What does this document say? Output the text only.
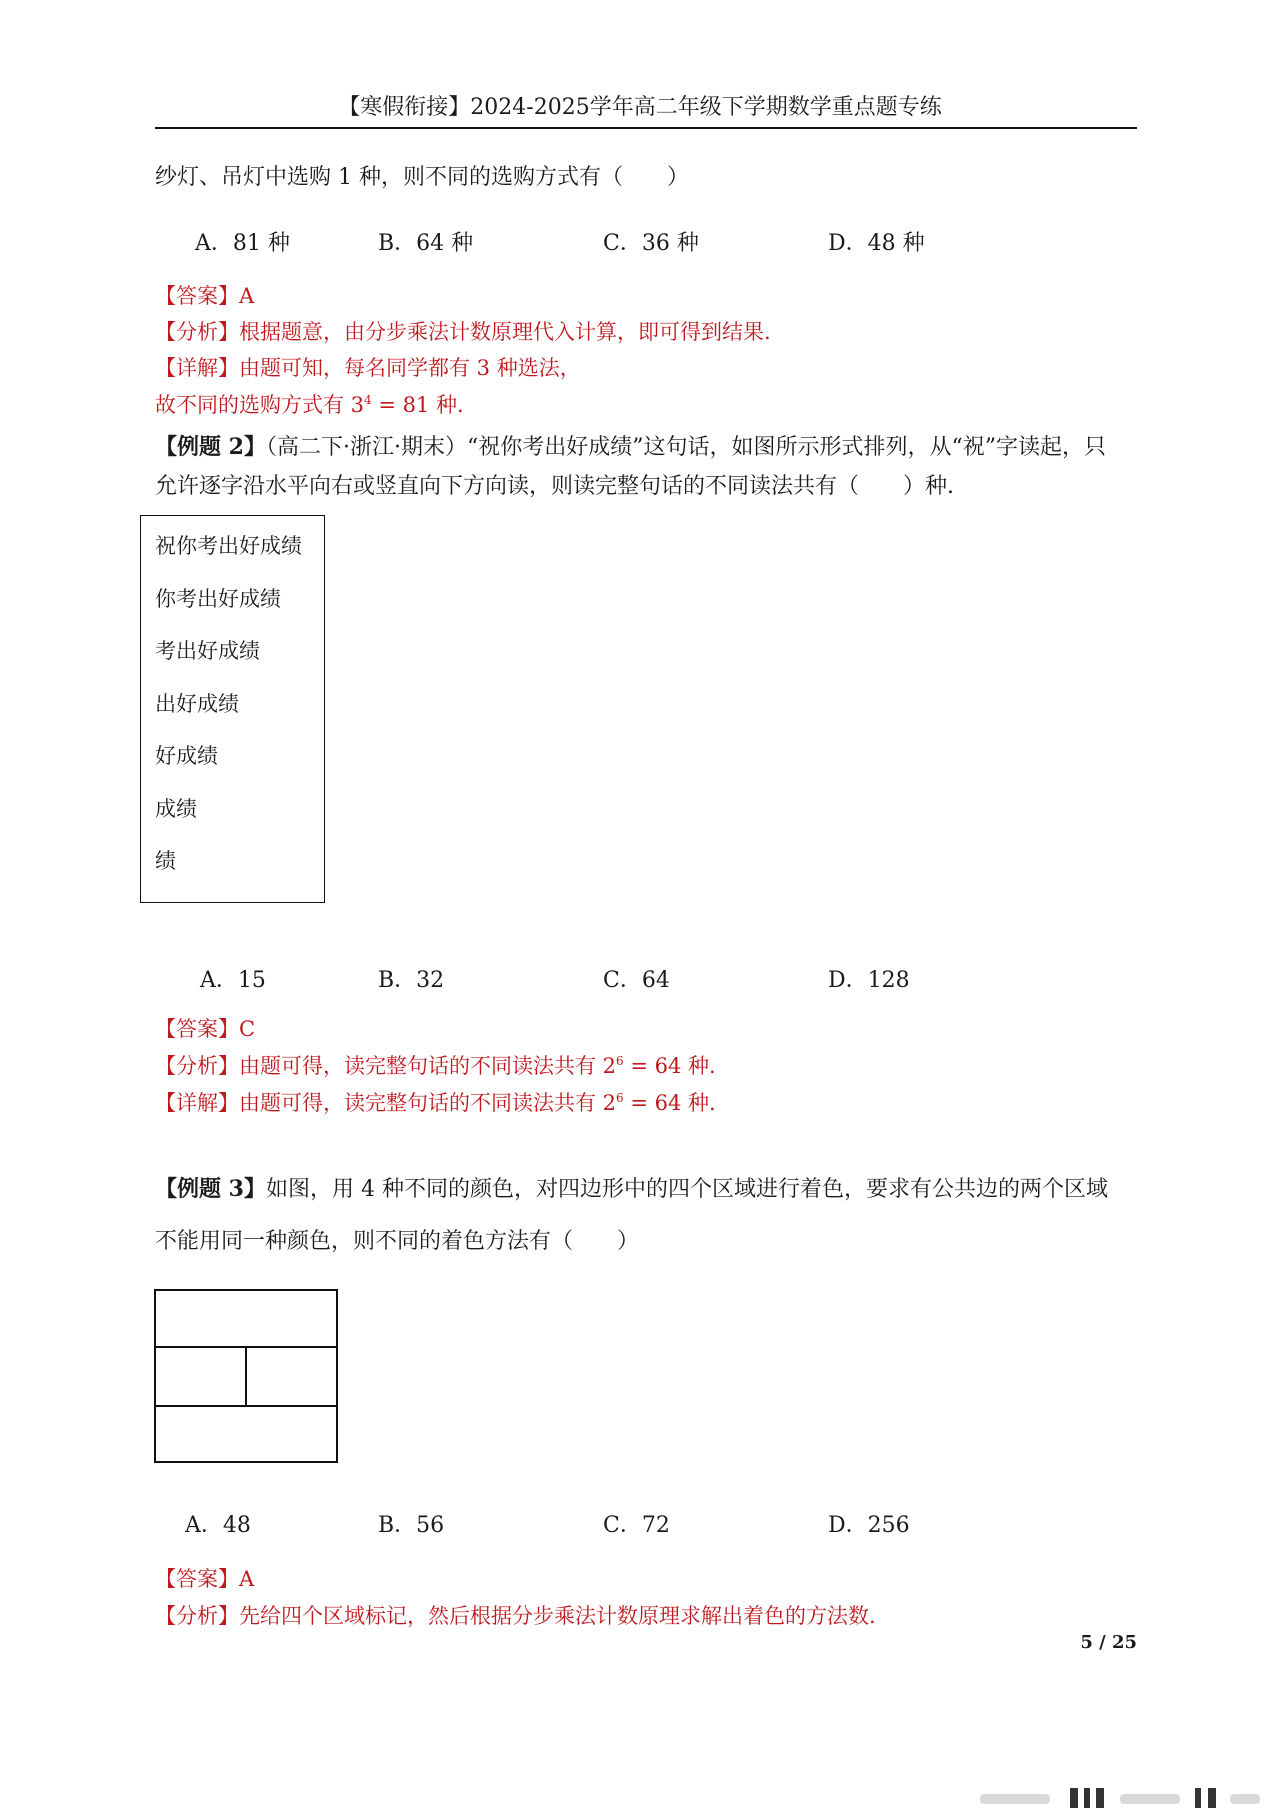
【寒假衔接】2024-2025学年高二年级下学期数学重点题专练
纱灯、吊灯中选购 1 种，则不同的选购方式有（　　）
A．81 种	B．64 种	C．36 种	D．48 种
【答案】A
【分析】根据题意，由分步乘法计数原理代入计算，即可得到结果.
【详解】由题可知，每名同学都有 3 种选法，
故不同的选购方式有 $3^4 = 81$ 种.
【例题 2】（高二下·浙江·期末）“祝你考出好成绩”这句话，如图所示形式排列，从“祝”字读起，只
允许逐字沿水平向右或竖直向下方向读，则读完整句话的不同读法共有（　　）种.
祝你考出好成绩
你考出好成绩
考出好成绩
出好成绩
好成绩
成绩
绩
A．15	B．32	C．64	D．128
【答案】C
【分析】由题可得，读完整句话的不同读法共有 $2^6 = 64$ 种.
【详解】由题可得，读完整句话的不同读法共有 $2^6 = 64$ 种.
【例题 3】如图，用 4 种不同的颜色，对四边形中的四个区域进行着色，要求有公共边的两个区域
不能用同一种颜色，则不同的着色方法有（　　）
A．48	B．56	C．72	D．256
【答案】A
【分析】先给四个区域标记，然后根据分步乘法计数原理求解出着色的方法数.
5 / 25
